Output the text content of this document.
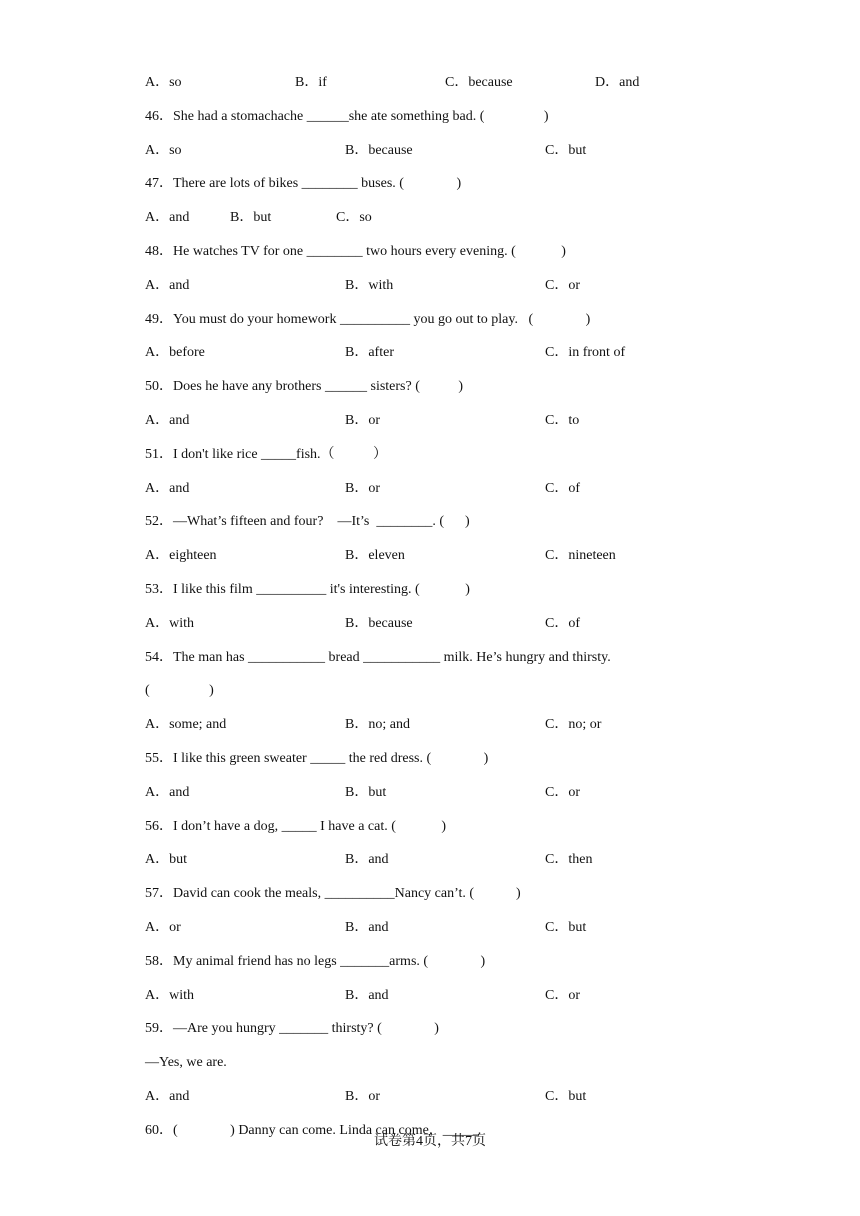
A．so	B．if	C．because	D．and
46．She had a stomachache ______she ate something bad. (                 )
A．so	B．because	C．but
47．There are lots of bikes ________ buses. (               )
A．and	B．but	C．so
48．He watches TV for one ________ two hours every evening. (             )
A．and	B．with	C．or
49．You must do your homework __________ you go out to play.   (               )
A．before	B．after	C．in front of
50．Does he have any brothers ______ sisters? (           )
A．and	B．or	C．to
51．I don't like rice _____fish.（           ）
A．and	B．or	C．of
52．—What’s fifteen and four?    —It’s  ________. (      )
A．eighteen	B．eleven	C．nineteen
53．I like this film __________ it's interesting. (             )
A．with	B．because	C．of
54．The man has ___________ bread ___________ milk. He’s hungry and thirsty.
(                 )
A．some; and	B．no; and	C．no; or
55．I like this green sweater _____ the red dress. (               )
A．and	B．but	C．or
56．I don’t have a dog, _____ I have a cat. (             )
A．but	B．and	C．then
57．David can cook the meals, __________Nancy can’t. (            )
A．or	B．and	C．but
58．My animal friend has no legs _______arms. (               )
A．with	B．and	C．or
59．—Are you hungry _______ thirsty? (               )
—Yes, we are.
A．and	B．or	C．but
60．(               ) Danny can come. Linda can come，_____.
试卷第4页，共7页
